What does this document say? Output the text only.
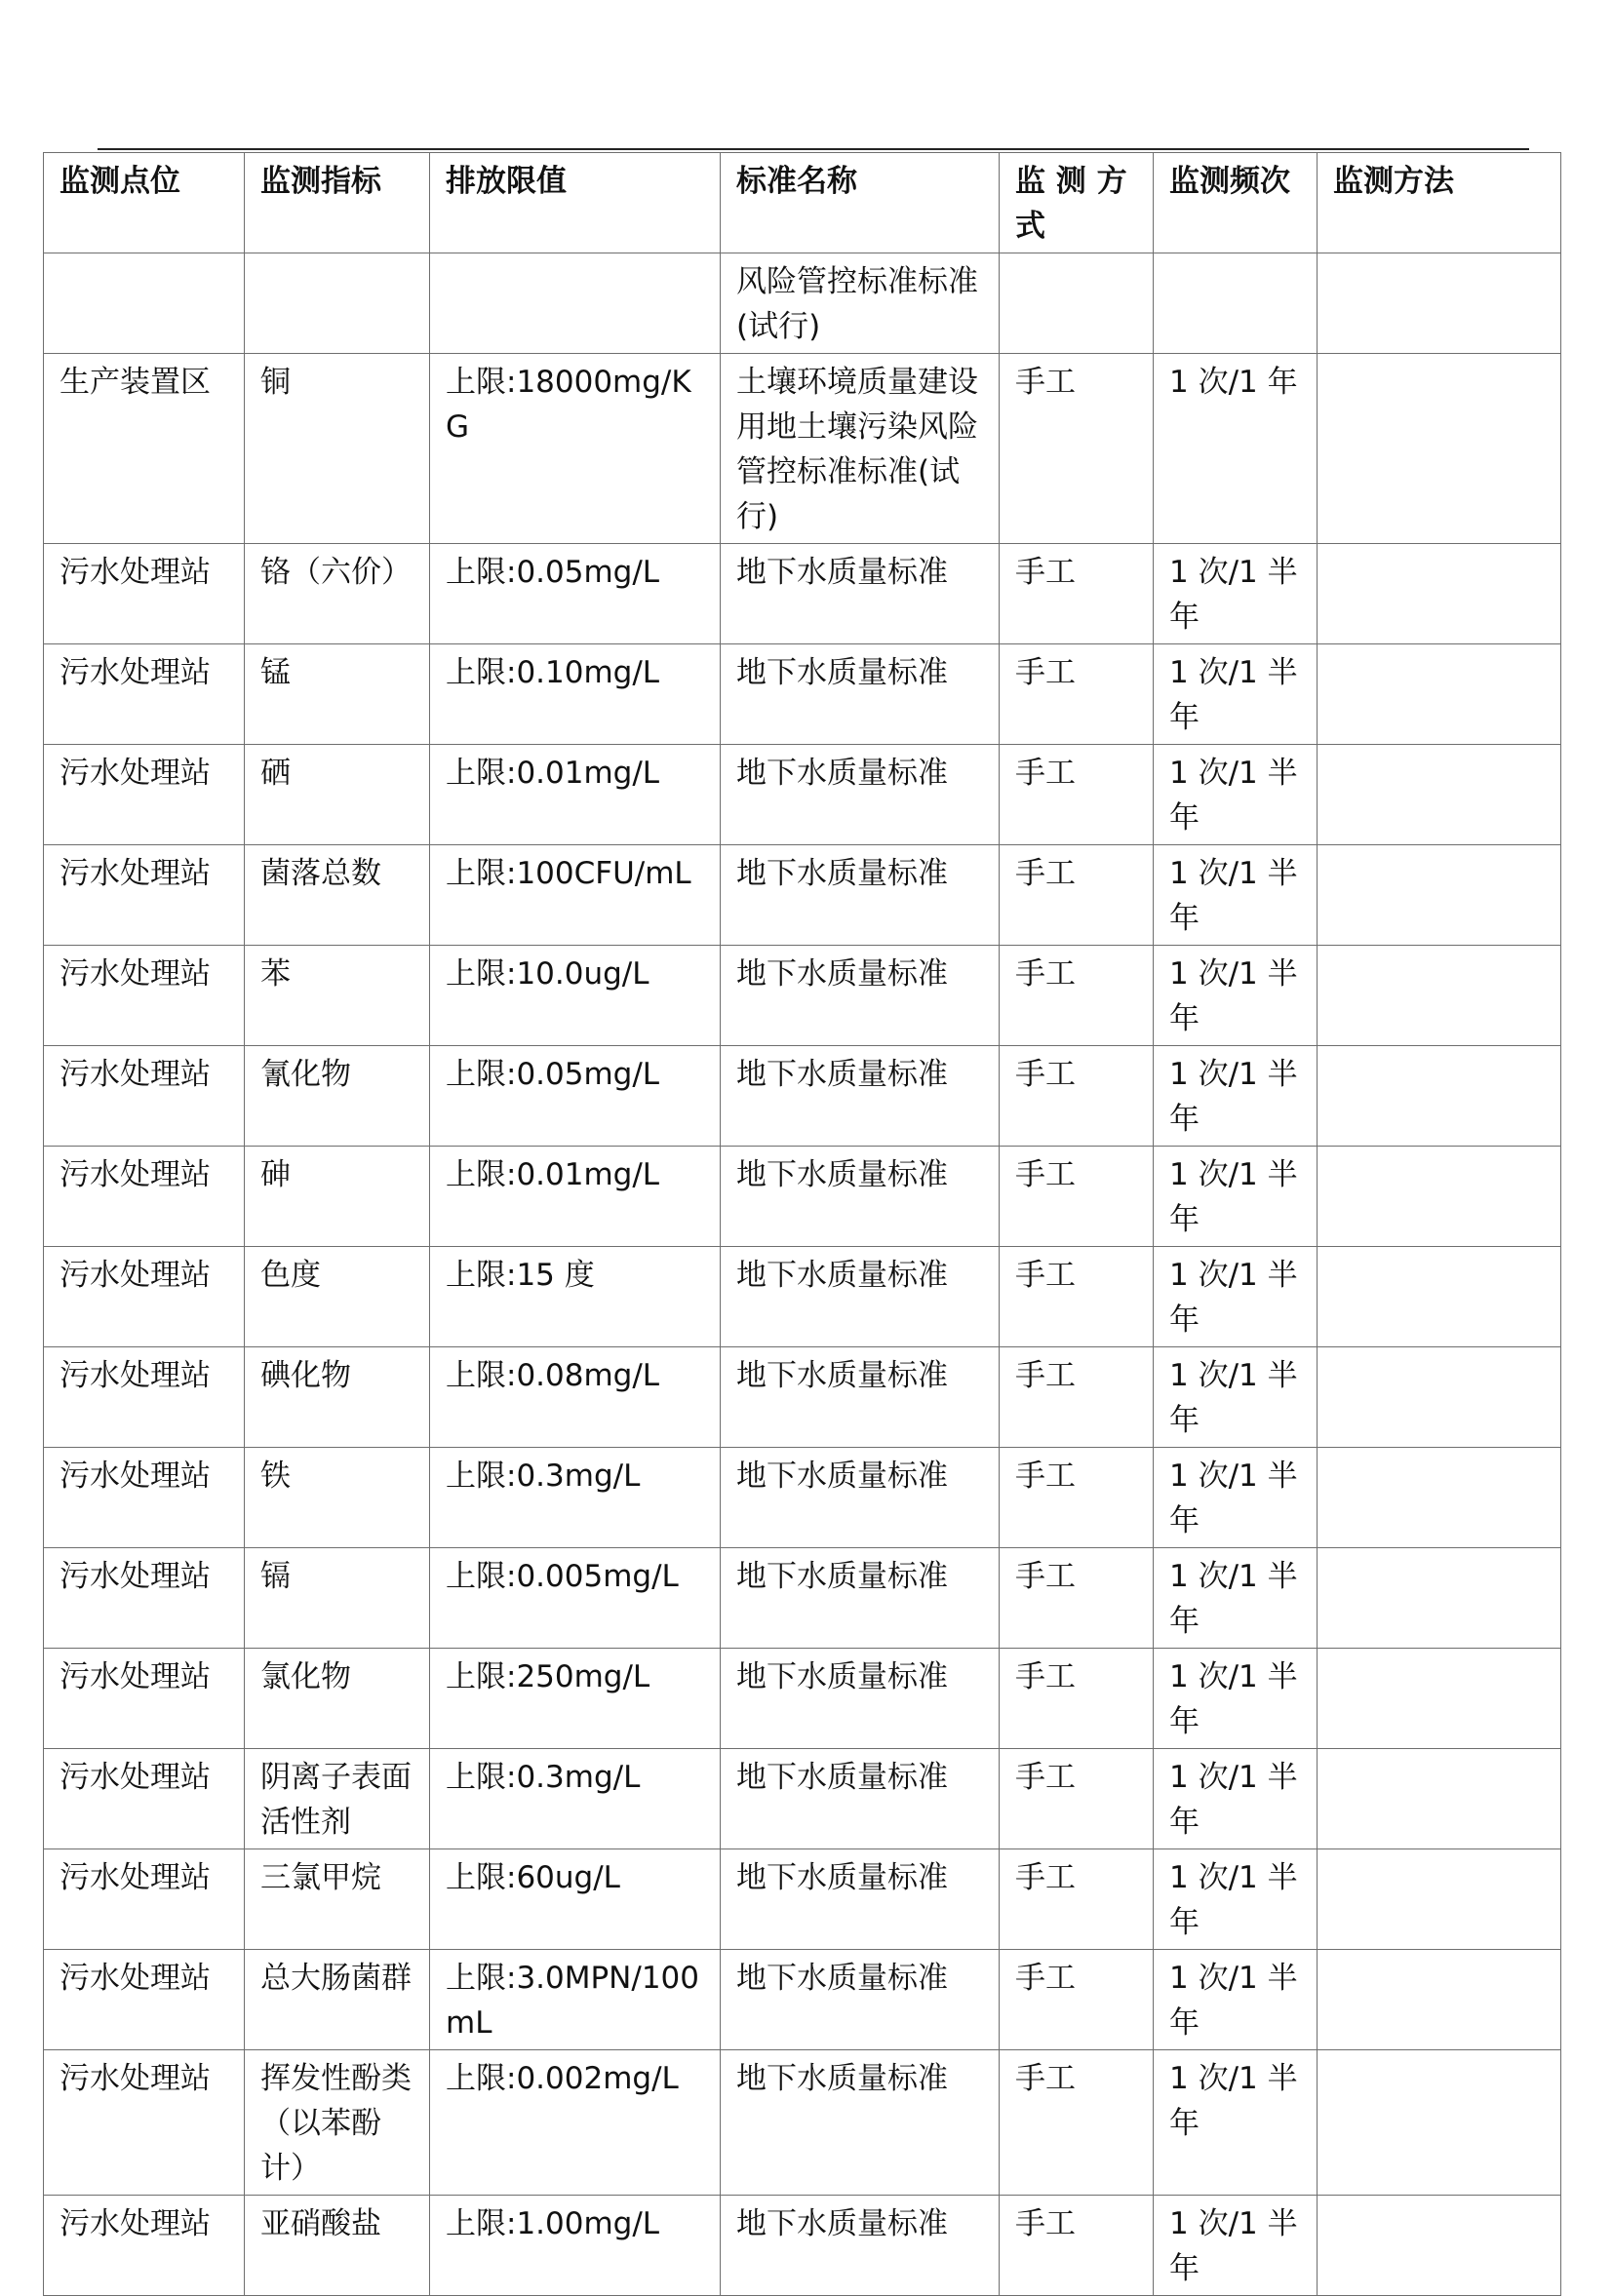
监测点位	监测指标	排放限值	标准名称	监 测 方 式	监测频次	监测方法
			风险管控标准标准(试行)			
生产装置区	铜	上限:18000mg/KG	土壤环境质量建设用地土壤污染风险管控标准标准(试行)	手工	1 次/1 年	
污水处理站	铬（六价）	上限:0.05mg/L	地下水质量标准	手工	1 次/1 半年	
污水处理站	锰	上限:0.10mg/L	地下水质量标准	手工	1 次/1 半年	
污水处理站	硒	上限:0.01mg/L	地下水质量标准	手工	1 次/1 半年	
污水处理站	菌落总数	上限:100CFU/mL	地下水质量标准	手工	1 次/1 半年	
污水处理站	苯	上限:10.0ug/L	地下水质量标准	手工	1 次/1 半年	
污水处理站	氰化物	上限:0.05mg/L	地下水质量标准	手工	1 次/1 半年	
污水处理站	砷	上限:0.01mg/L	地下水质量标准	手工	1 次/1 半年	
污水处理站	色度	上限:15 度	地下水质量标准	手工	1 次/1 半年	
污水处理站	碘化物	上限:0.08mg/L	地下水质量标准	手工	1 次/1 半年	
污水处理站	铁	上限:0.3mg/L	地下水质量标准	手工	1 次/1 半年	
污水处理站	镉	上限:0.005mg/L	地下水质量标准	手工	1 次/1 半年	
污水处理站	氯化物	上限:250mg/L	地下水质量标准	手工	1 次/1 半年	
污水处理站	阴离子表面活性剂	上限:0.3mg/L	地下水质量标准	手工	1 次/1 半年	
污水处理站	三氯甲烷	上限:60ug/L	地下水质量标准	手工	1 次/1 半年	
污水处理站	总大肠菌群	上限:3.0MPN/100mL	地下水质量标准	手工	1 次/1 半年	
污水处理站	挥发性酚类（以苯酚计）	上限:0.002mg/L	地下水质量标准	手工	1 次/1 半年	
污水处理站	亚硝酸盐	上限:1.00mg/L	地下水质量标准	手工	1 次/1 半年	
